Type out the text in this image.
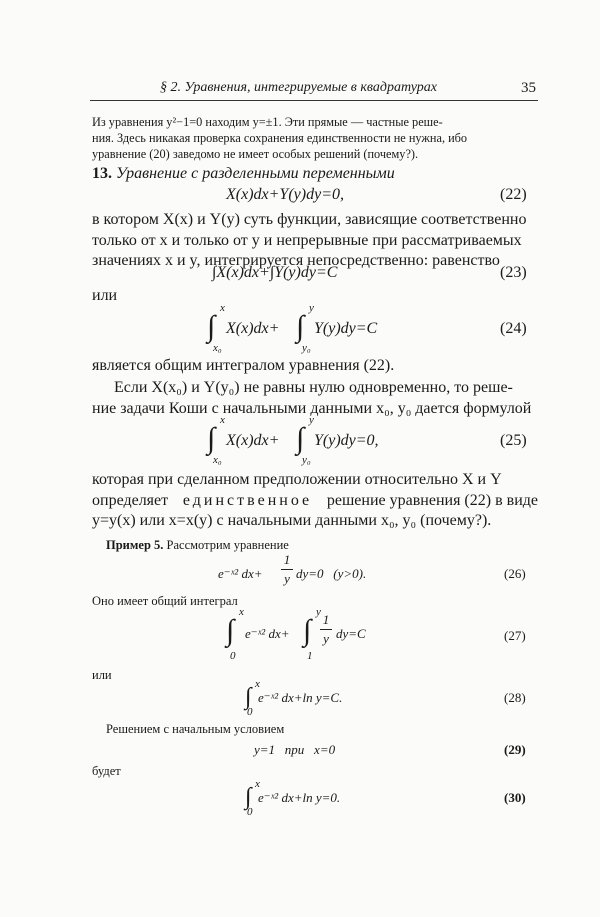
§ 2. Уравнения, интегрируемые в квадратурах	35
Из уравнения y²−1=0 находим y=±1. Эти прямые — частные реше-
ния. Здесь никакая проверка сохранения единственности не нужна, ибо
уравнение (20) заведомо не имеет особых решений (почему?).
13. Уравнение с разделенными переменными
X(x)dx+Y(y)dy=0,	(22)
в котором X(x) и Y(y) суть функции, зависящие соответственно
только от x и только от y и непрерывные при рассматриваемых
значениях x и y, интегрируется непосредственно: равенство
∫X(x)dx+∫Y(y)dy=C	(23)
или
∫
x
x₀
X(x)dx+ ∫
y
y₀
Y(y)dy=C	(24)
является общим интегралом уравнения (22).
Если X(x₀) и Y(y₀) не равны нулю одновременно, то реше-
ние задачи Коши с начальными данными x₀, y₀ дается формулой
∫
x
x₀
X(x)dx+ ∫
y
y₀
Y(y)dy=0,	(25)
которая при сделанном предположении относительно X и Y
определяет единственное решение уравнения (22) в виде
y=y(x) или x=x(y) с начальными данными x₀, y₀ (почему?).
Пример 5. Рассмотрим уравнение
e⁻ˣ² dx+
1
y dy=0   (y>0).	(26)
Оно имеет общий интеграл
∫
x
0
e⁻ˣ² dx+ ∫
y
1
1
y dy=C	(27)
или
∫ x
0
e⁻ˣ² dx+ln y=C.	(28)
Решением с начальным условием
y=1   при   x=0	(29)
будет
∫ x
0
e⁻ˣ² dx+ln y=0.	(30)
